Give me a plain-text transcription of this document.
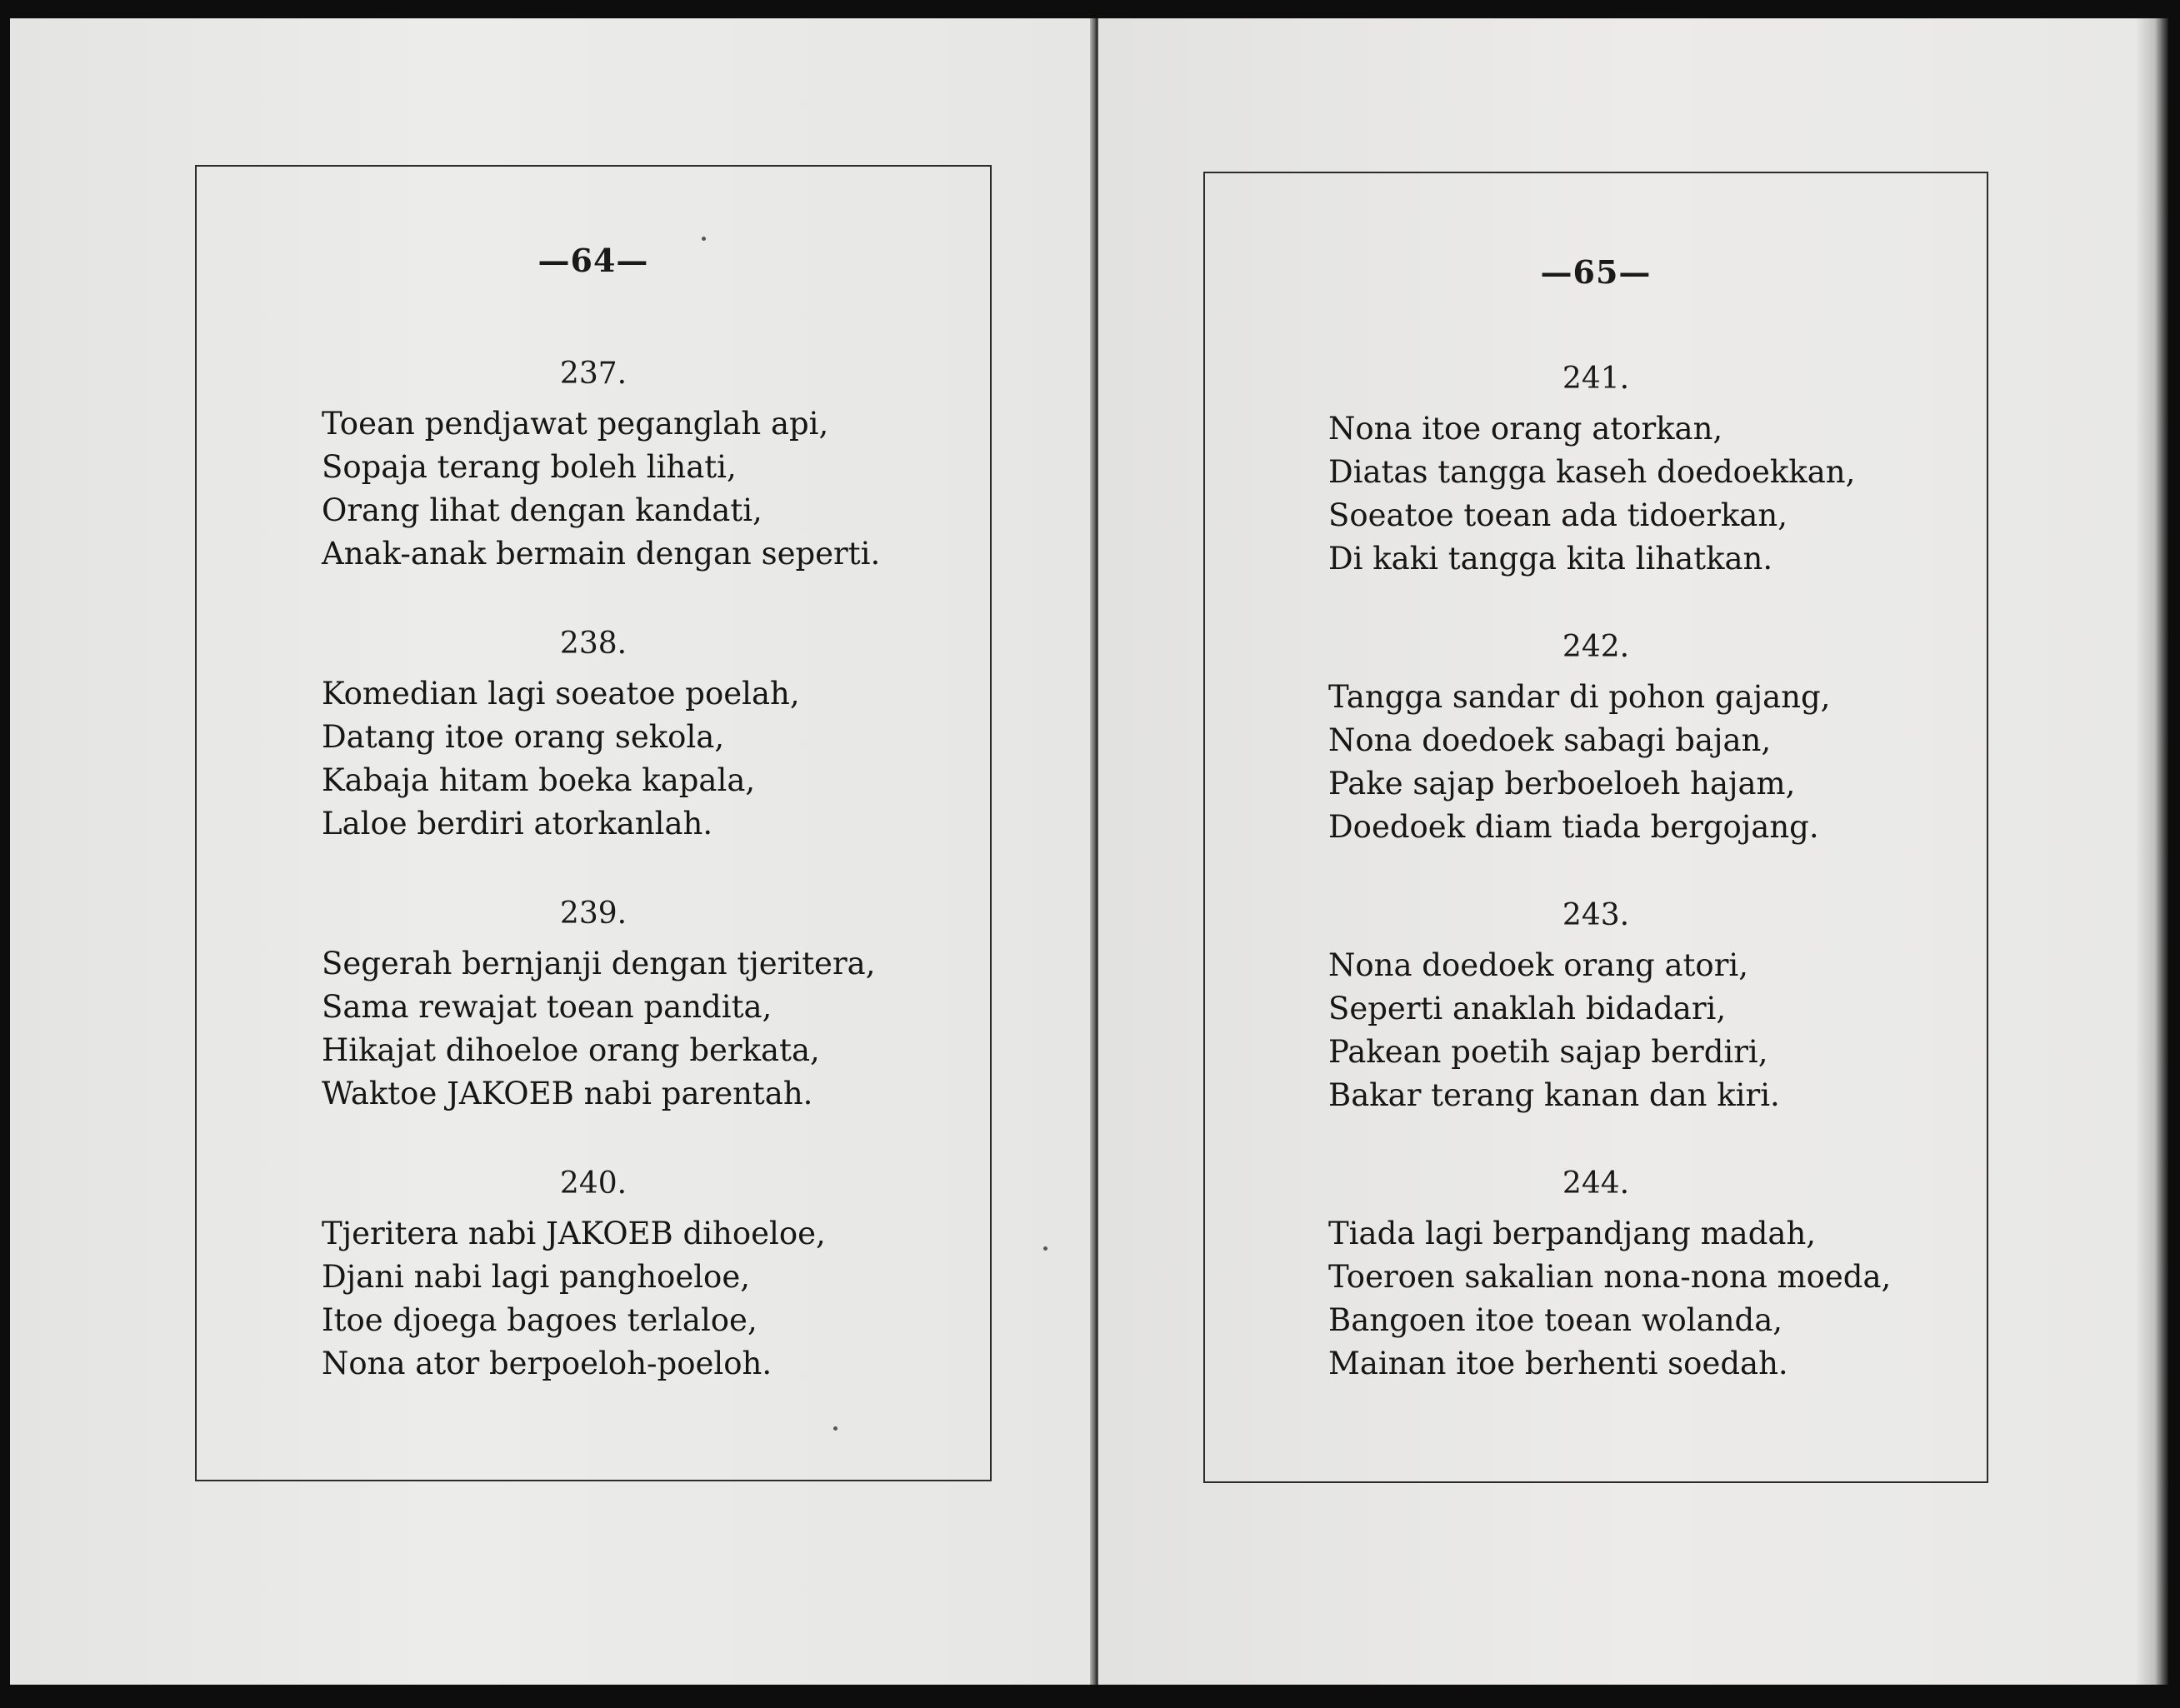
—64—
237.
Toean pendjawat peganglah api,
Sopaja terang boleh lihati,
Orang lihat dengan kandati,
Anak-anak bermain dengan seperti.
238.
Komedian lagi soeatoe poelah,
Datang itoe orang sekola,
Kabaja hitam boeka kapala,
Laloe berdiri atorkanlah.
239.
Segerah bernjanji dengan tjeritera,
Sama rewajat toean pandita,
Hikajat dihoeloe orang berkata,
Waktoe JAKOEB nabi parentah.
240.
Tjeritera nabi JAKOEB dihoeloe,
Djani nabi lagi panghoeloe,
Itoe djoega bagoes terlaloe,
Nona ator berpoeloh-poeloh.
—65—
241.
Nona itoe orang atorkan,
Diatas tangga kaseh doedoekkan,
Soeatoe toean ada tidoerkan,
Di kaki tangga kita lihatkan.
242.
Tangga sandar di pohon gajang,
Nona doedoek sabagi bajan,
Pake sajap berboeloeh hajam,
Doedoek diam tiada bergojang.
243.
Nona doedoek orang atori,
Seperti anaklah bidadari,
Pakean poetih sajap berdiri,
Bakar terang kanan dan kiri.
244.
Tiada lagi berpandjang madah,
Toeroen sakalian nona-nona moeda,
Bangoen itoe toean wolanda,
Mainan itoe berhenti soedah.
